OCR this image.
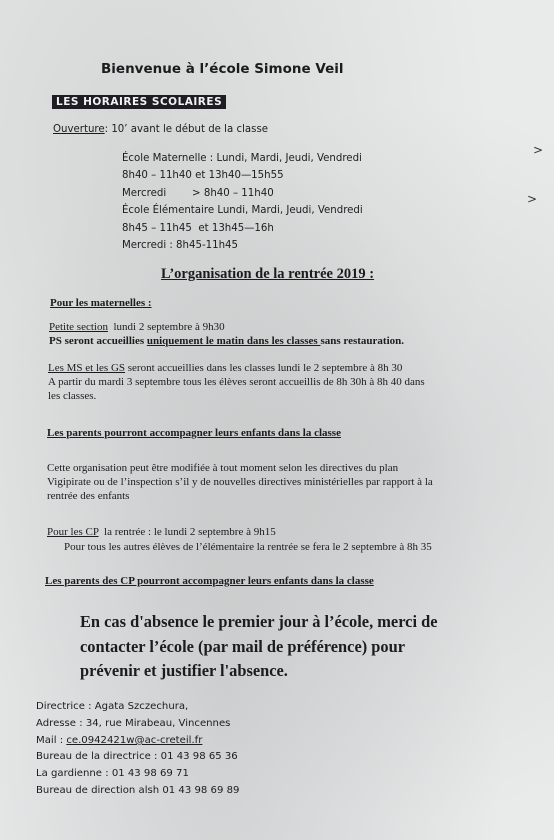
Bienvenue à l’école Simone Veil
LES HORAIRES SCOLAIRES
Ouverture: 10’ avant le début de la classe
École Maternelle : Lundi, Mardi, Jeudi, Vendredi
8h40 – 11h40 et 13h40—15h55
Mercredi        > 8h40 – 11h40
École Élémentaire Lundi, Mardi, Jeudi, Vendredi
8h45 – 11h45  et 13h45—16h
Mercredi : 8h45-11h45
>
>
L’organisation de la rentrée 2019 :
Pour les maternelles :
Petite section lundi 2 septembre à 9h30
PS seront accueillies uniquement le matin dans les classes sans restauration.
Les MS et les GS seront accueillies dans les classes lundi le 2 septembre à 8h 30
A partir du mardi 3 septembre tous les élèves seront accueillis de 8h 30h à 8h 40 dans
les classes.
Les parents pourront accompagner leurs enfants dans la classe
Cette organisation peut être modifiée à tout moment selon les directives du plan
Vigipirate ou de l’inspection s’il y de nouvelles directives ministérielles par rapport à la
rentrée des enfants
Pour les CP  la rentrée : le lundi 2 septembre à 9h15
Pour tous les autres élèves de l’élémentaire la rentrée se fera le 2 septembre à 8h 35
Les parents des CP pourront accompagner leurs enfants dans la classe
En cas d'absence le premier jour à l’école, merci de
contacter l’école (par mail de préférence) pour
prévenir et justifier l'absence.
Directrice : Agata Szczechura,
Adresse : 34, rue Mirabeau, Vincennes
Mail : ce.0942421w@ac-creteil.fr
Bureau de la directrice : 01 43 98 65 36
La gardienne : 01 43 98 69 71
Bureau de direction alsh 01 43 98 69 89
